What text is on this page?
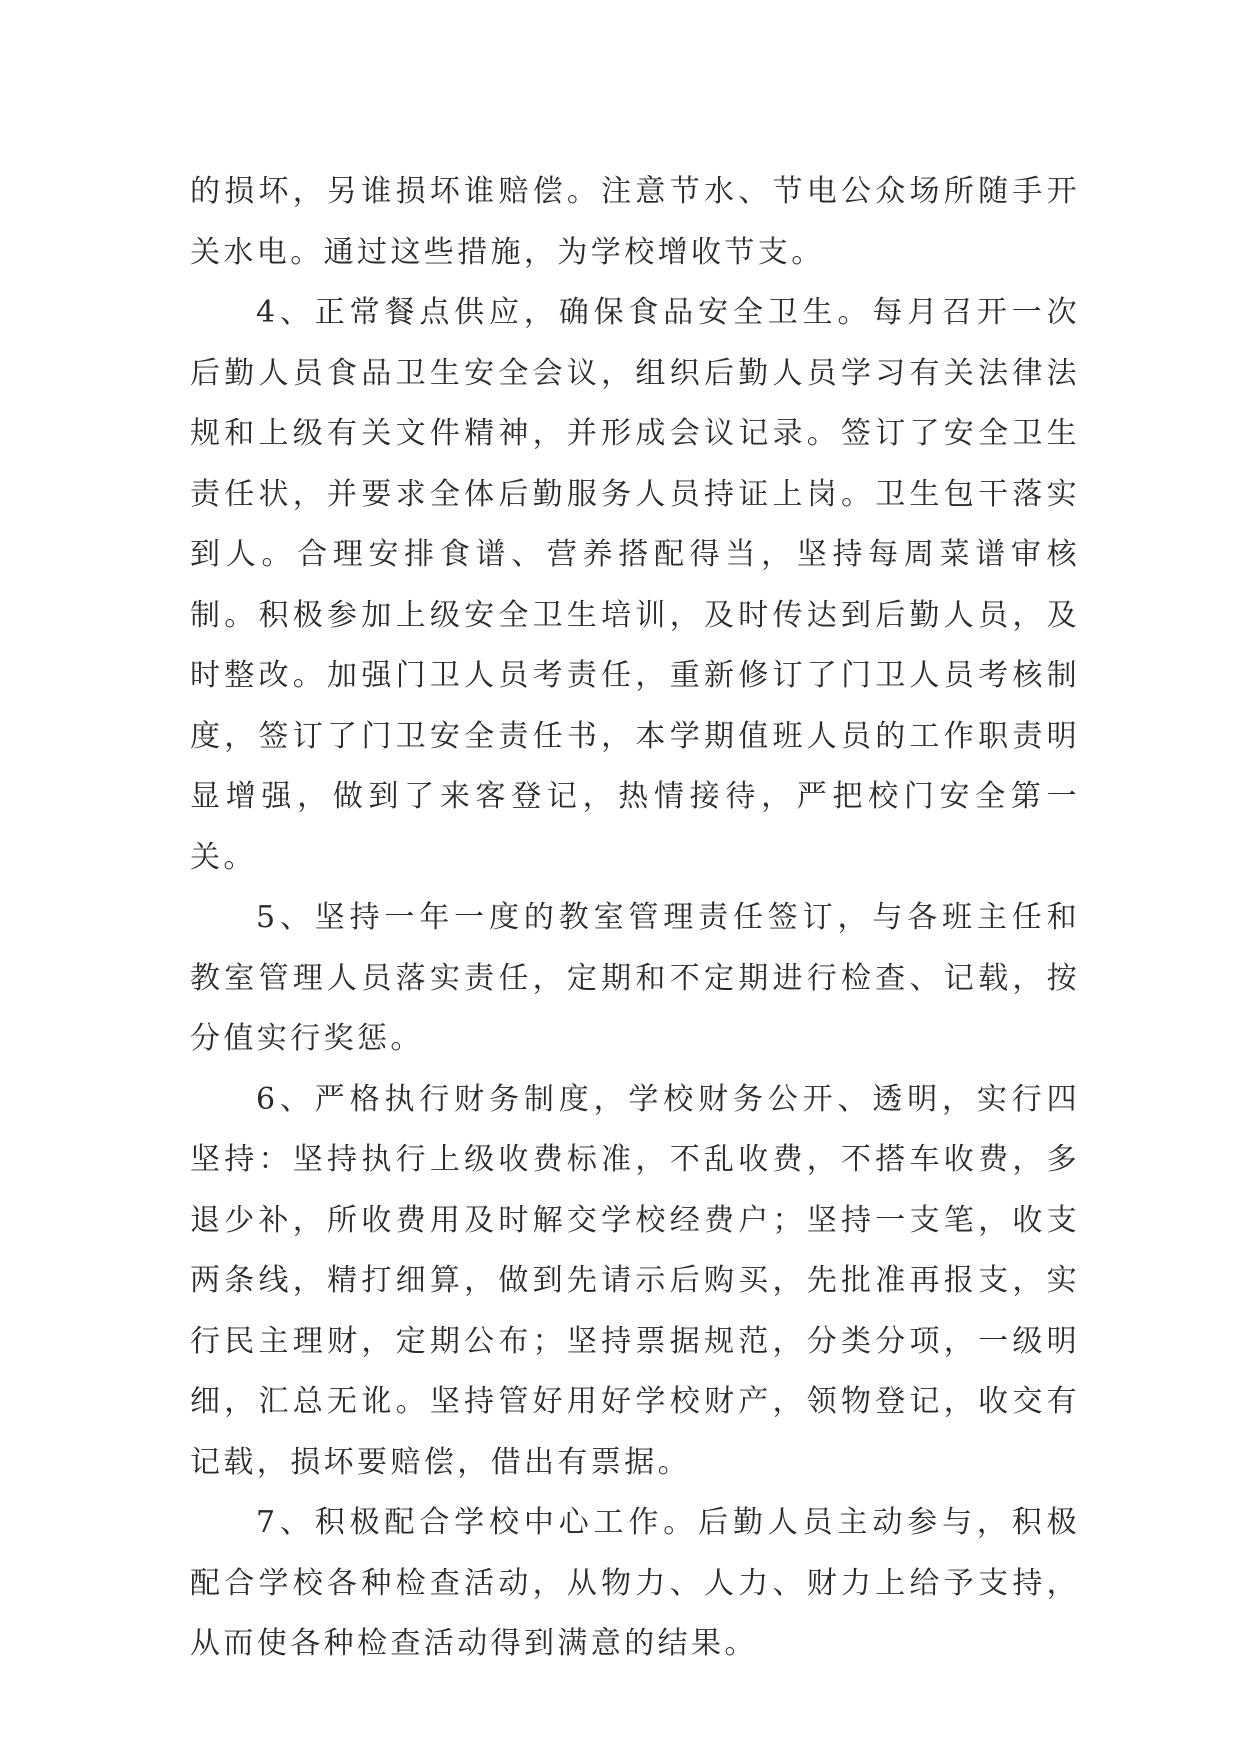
的损坏，另谁损坏谁赔偿。注意节水、节电公众场所随手开关水电。通过这些措施，为学校增收节支。

4、正常餐点供应，确保食品安全卫生。每月召开一次后勤人员食品卫生安全会议，组织后勤人员学习有关法律法规和上级有关文件精神，并形成会议记录。签订了安全卫生责任状，并要求全体后勤服务人员持证上岗。卫生包干落实到人。合理安排食谱、营养搭配得当，坚持每周菜谱审核制。积极参加上级安全卫生培训，及时传达到后勤人员，及时整改。加强门卫人员考责任，重新修订了门卫人员考核制度，签订了门卫安全责任书，本学期值班人员的工作职责明显增强，做到了来客登记，热情接待，严把校门安全第一关。

5、坚持一年一度的教室管理责任签订，与各班主任和教室管理人员落实责任，定期和不定期进行检查、记载，按分值实行奖惩。

6、严格执行财务制度，学校财务公开、透明，实行四坚持：坚持执行上级收费标准，不乱收费，不搭车收费，多退少补，所收费用及时解交学校经费户；坚持一支笔，收支两条线，精打细算，做到先请示后购买，先批准再报支，实行民主理财，定期公布；坚持票据规范，分类分项，一级明细，汇总无讹。坚持管好用好学校财产，领物登记，收交有记载，损坏要赔偿，借出有票据。

7、积极配合学校中心工作。后勤人员主动参与，积极配合学校各种检查活动，从物力、人力、财力上给予支持，从而使各种检查活动得到满意的结果。
